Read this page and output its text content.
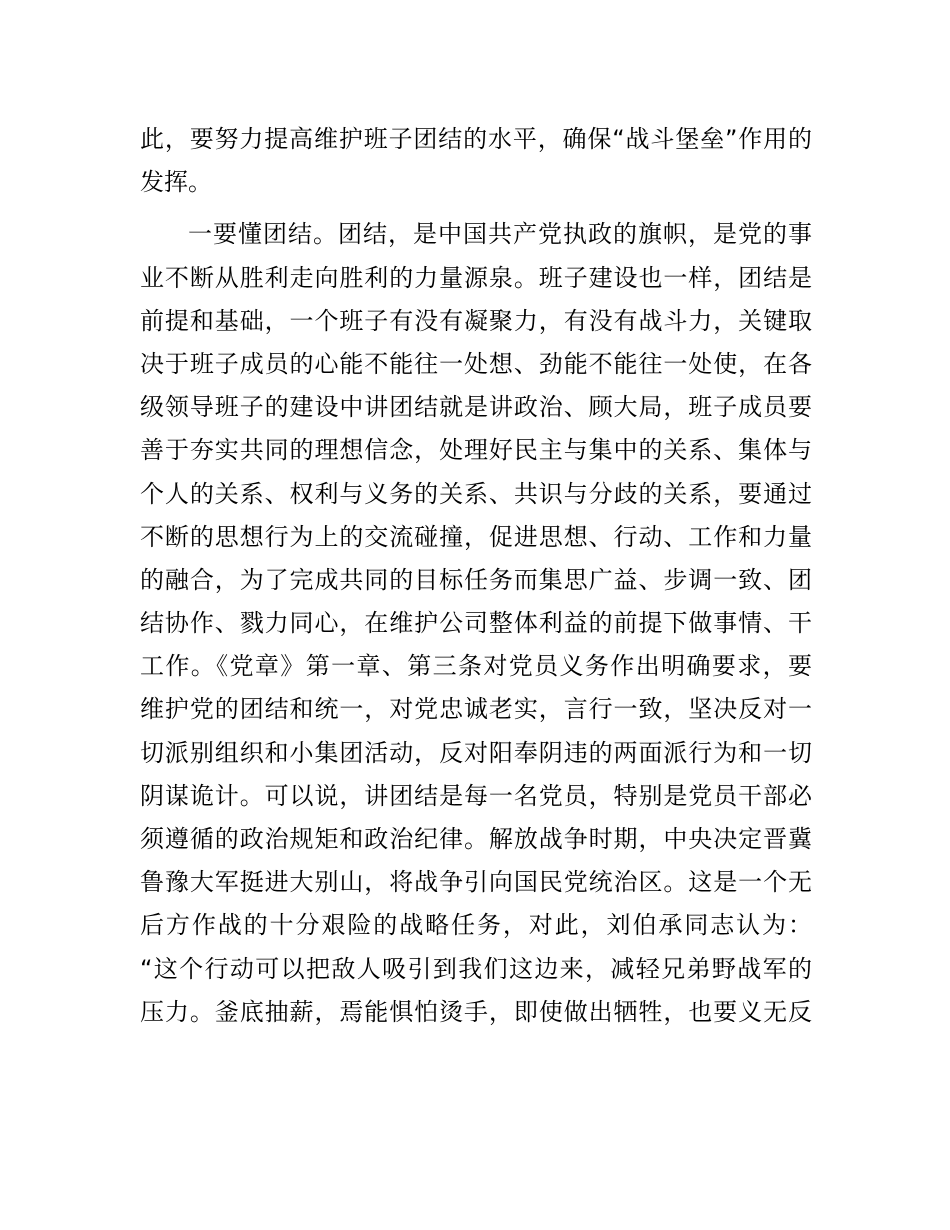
此，要努力提高维护班子团结的水平，确保“战斗堡垒”作用的
发挥。
一要懂团结。团结，是中国共产党执政的旗帜，是党的事
业不断从胜利走向胜利的力量源泉。班子建设也一样，团结是
前提和基础，一个班子有没有凝聚力，有没有战斗力，关键取
决于班子成员的心能不能往一处想、劲能不能往一处使，在各
级领导班子的建设中讲团结就是讲政治、顾大局，班子成员要
善于夯实共同的理想信念，处理好民主与集中的关系、集体与
个人的关系、权利与义务的关系、共识与分歧的关系，要通过
不断的思想行为上的交流碰撞，促进思想、行动、工作和力量
的融合，为了完成共同的目标任务而集思广益、步调一致、团
结协作、戮力同心，在维护公司整体利益的前提下做事情、干
工作。《党章》第一章、第三条对党员义务作出明确要求，要
维护党的团结和统一，对党忠诚老实，言行一致，坚决反对一
切派别组织和小集团活动，反对阳奉阴违的两面派行为和一切
阴谋诡计。可以说，讲团结是每一名党员，特别是党员干部必
须遵循的政治规矩和政治纪律。解放战争时期，中央决定晋冀
鲁豫大军挺进大别山，将战争引向国民党统治区。这是一个无
后方作战的十分艰险的战略任务，对此，刘伯承同志认为：
“这个行动可以把敌人吸引到我们这边来，减轻兄弟野战军的
压力。釜底抽薪，焉能惧怕烫手，即使做出牺牲，也要义无反
